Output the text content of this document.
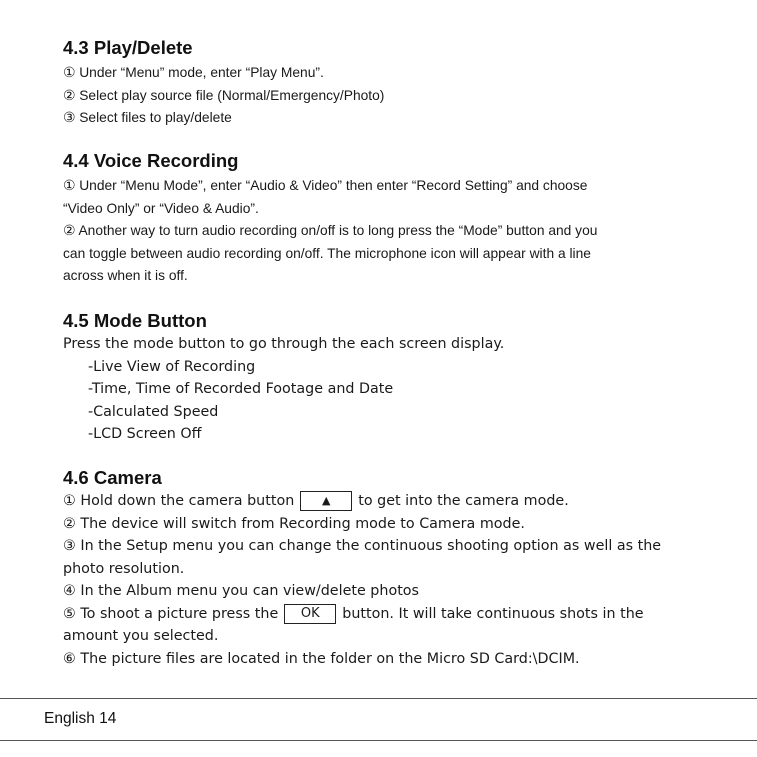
4.3 Play/Delete
① Under “Menu” mode, enter “Play Menu”.
② Select play source file (Normal/Emergency/Photo)
③ Select files to play/delete
4.4 Voice Recording
① Under “Menu Mode”, enter “Audio & Video” then enter “Record Setting” and choose
“Video Only” or “Video & Audio”.
② Another way to turn audio recording on/off is to long press the “Mode” button and you
can toggle between audio recording on/off. The microphone icon will appear with a line
across when it is off.
4.5 Mode Button
Press the mode button to go through the each screen display.
-Live View of Recording
-Time, Time of Recorded Footage and Date
-Calculated Speed
-LCD Screen Off
4.6 Camera
① Hold down the camera button	▲ to get into the camera mode.
② The device will switch from Recording mode to Camera mode.
③ In the Setup menu you can change the continuous shooting option as well as the
photo resolution.
④ In the Album menu you can view/delete photos
⑤ To shoot a picture press the OK button. It will take continuous shots in the
amount you selected.
⑥ The picture files are located in the folder on the Micro SD Card:\DCIM.
English 14
